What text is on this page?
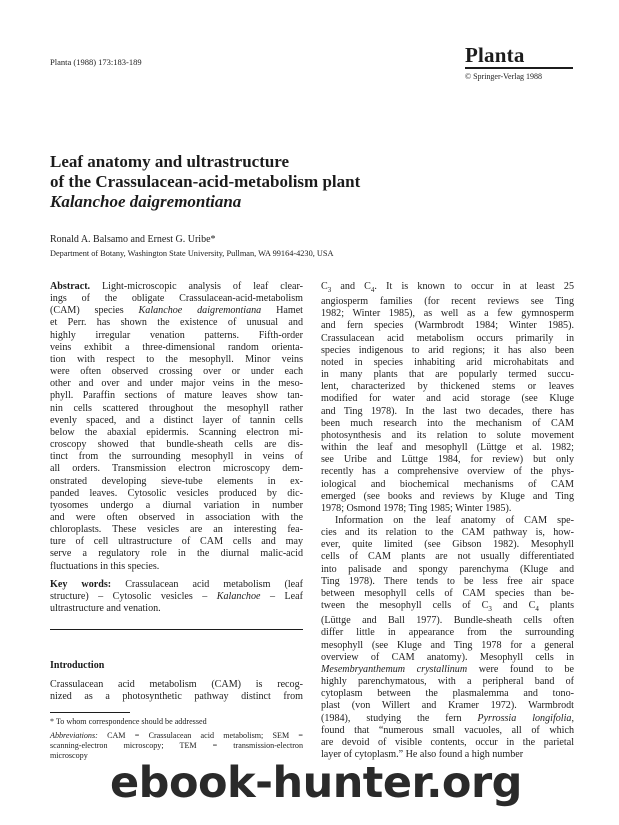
Planta (1988) 173:183-189	Planta
© Springer-Verlag 1988
Leaf anatomy and ultrastructure
of the Crassulacean-acid-metabolism plant
Kalanchoe daigremontiana
Ronald A. Balsamo and Ernest G. Uribe*
Department of Botany, Washington State University, Pullman, WA 99164-4230, USA
Abstract. Light-microscopic analysis of leaf clear-
ings of the obligate Crassulacean-acid-metabolism
(CAM) species Kalanchoe daigremontiana Hamet
et Perr. has shown the existence of unusual and
highly irregular venation patterns. Fifth-order
veins exhibit a three-dimensional random orienta-
tion with respect to the mesophyll. Minor veins
were often observed crossing over or under each
other and over and under major veins in the meso-
phyll. Paraffin sections of mature leaves show tan-
nin cells scattered throughout the mesophyll rather
evenly spaced, and a distinct layer of tannin cells
below the abaxial epidermis. Scanning electron mi-
croscopy showed that bundle-sheath cells are dis-
tinct from the surrounding mesophyll in veins of
all orders. Transmission electron microscopy dem-
onstrated developing sieve-tube elements in ex-
panded leaves. Cytosolic vesicles produced by dic-
tyosomes undergo a diurnal variation in number
and were often observed in association with the
chloroplasts. These vesicles are an interesting fea-
ture of cell ultrastructure of CAM cells and may
serve a regulatory role in the diurnal malic-acid
fluctuations in this species.
Key words: Crassulacean acid metabolism (leaf
structure) – Cytosolic vesicles – Kalanchoe – Leaf
ultrastructure and venation.
Introduction
Crassulacean acid metabolism (CAM) is recog-
nized as a photosynthetic pathway distinct from

* To whom correspondence should be addressed

Abbreviations: CAM = Crassulacean acid metabolism; SEM =
scanning-electron microscopy; TEM = transmission-electron
microscopy
$C_3$ and $C_4$. It is known to occur in at least 25
angiosperm families (for recent reviews see Ting
1982; Winter 1985), as well as a few gymnosperm
and fern species (Warmbrodt 1984; Winter 1985).
Crassulacean acid metabolism occurs primarily in
species indigenous to arid regions; it has also been
noted in species inhabiting arid microhabitats and
in many plants that are popularly termed succu-
lent, characterized by thickened stems or leaves
modified for water and acid storage (see Kluge
and Ting 1978). In the last two decades, there has
been much research into the mechanism of CAM
photosynthesis and its relation to solute movement
within the leaf and mesophyll (Lüttge et al. 1982;
see Uribe and Lüttge 1984, for review) but only
recently has a comprehensive overview of the phys-
iological and biochemical mechanisms of CAM
emerged (see books and reviews by Kluge and Ting
1978; Osmond 1978; Ting 1985; Winter 1985).
Information on the leaf anatomy of CAM spe-
cies and its relation to the CAM pathway is, how-
ever, quite limited (see Gibson 1982). Mesophyll
cells of CAM plants are not usually differentiated
into palisade and spongy parenchyma (Kluge and
Ting 1978). There tends to be less free air space
between mesophyll cells of CAM species than be-
tween the mesophyll cells of $C_3$ and $C_4$ plants
(Lüttge and Ball 1977). Bundle-sheath cells often
differ little in appearance from the surrounding
mesophyll (see Kluge and Ting 1978 for a general
overview of CAM anatomy). Mesophyll cells in
Mesembryanthemum crystallinum were found to be
highly parenchymatous, with a peripheral band of
cytoplasm between the plasmalemma and tono-
plast (von Willert and Kramer 1972). Warmbrodt
(1984), studying the fern Pyrrossia longifolia,
found that “numerous small vacuoles, all of which
are devoid of visible contents, occur in the parietal
layer of cytoplasm.” He also found a high number
ebook-hunter.org
